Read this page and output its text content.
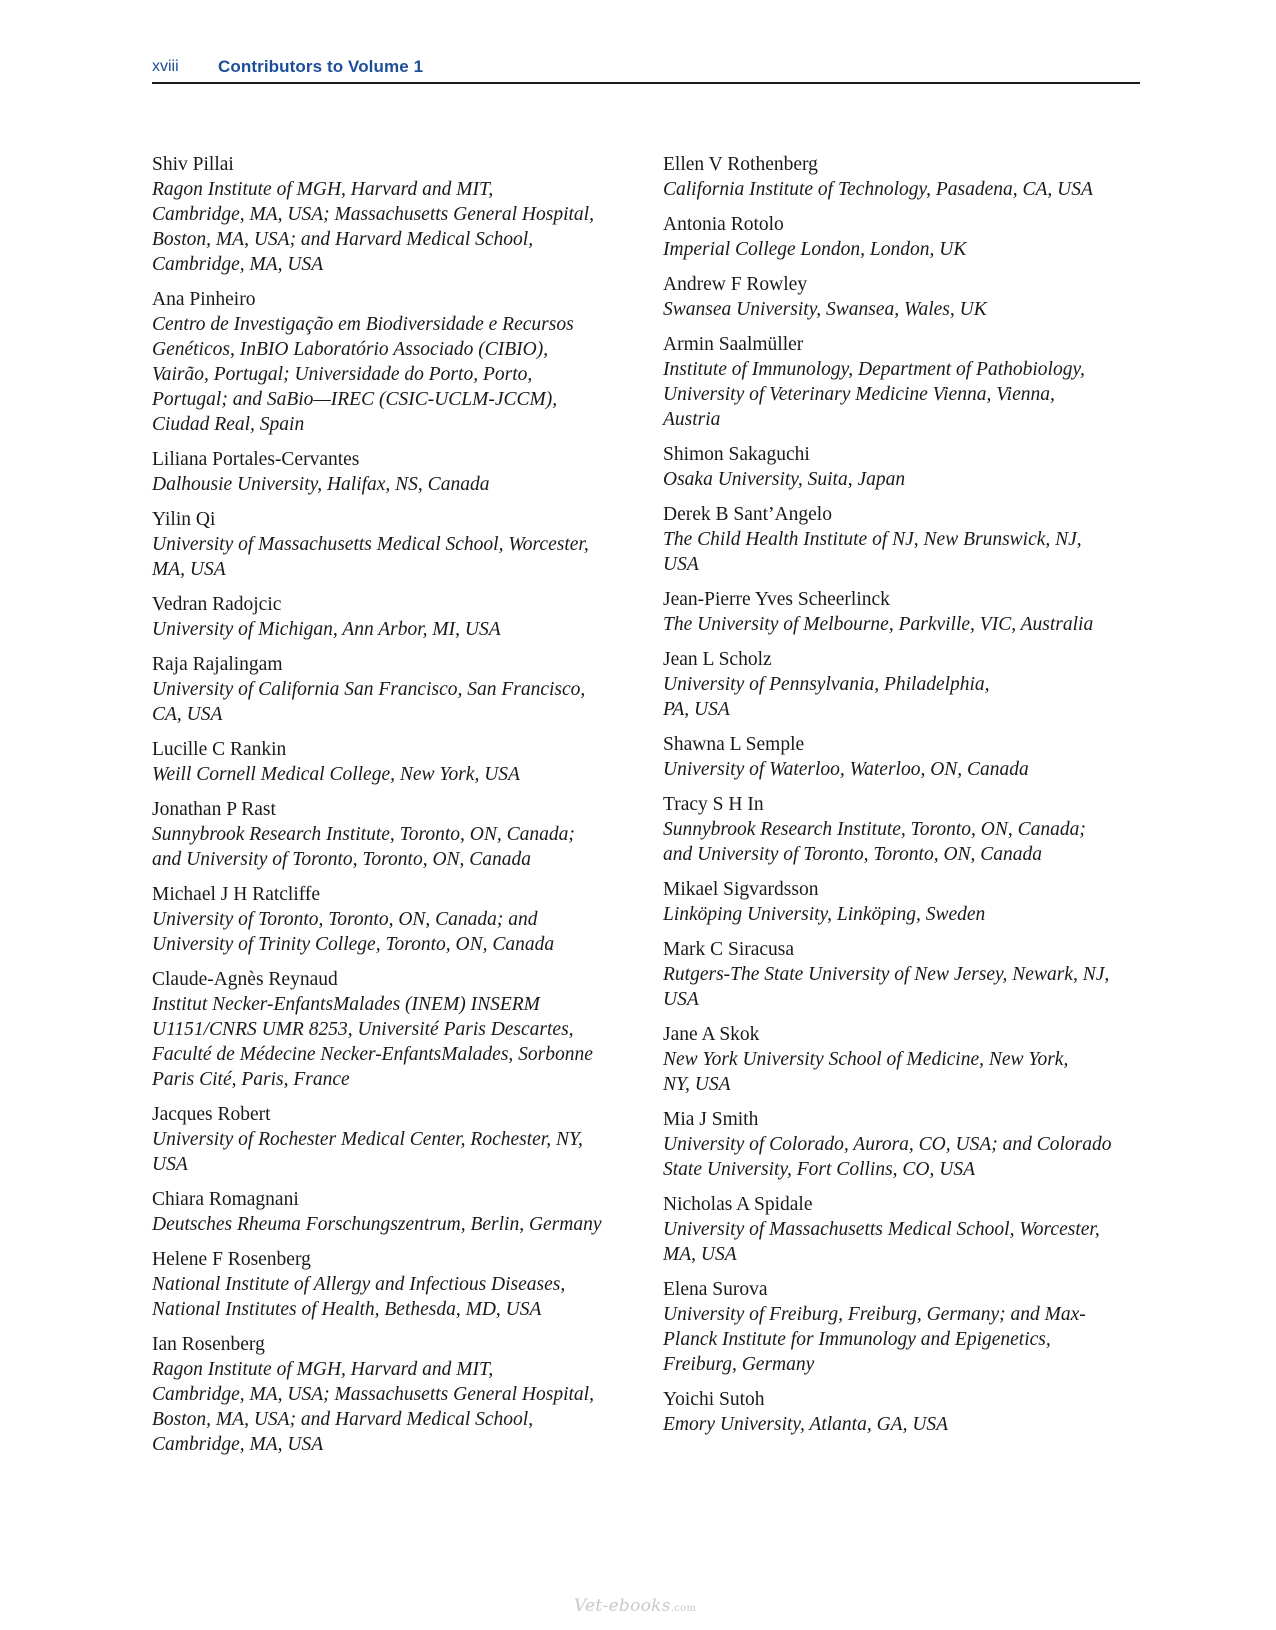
xviii Contributors to Volume 1
Shiv Pillai
Ragon Institute of MGH, Harvard and MIT,
Cambridge, MA, USA; Massachusetts General Hospital,
Boston, MA, USA; and Harvard Medical School,
Cambridge, MA, USA
Ana Pinheiro
Centro de Investigação em Biodiversidade e Recursos
Genéticos, InBIO Laboratório Associado (CIBIO),
Vairão, Portugal; Universidade do Porto, Porto,
Portugal; and SaBio—IREC (CSIC-UCLM-JCCM),
Ciudad Real, Spain
Liliana Portales-Cervantes
Dalhousie University, Halifax, NS, Canada
Yilin Qi
University of Massachusetts Medical School, Worcester,
MA, USA
Vedran Radojcic
University of Michigan, Ann Arbor, MI, USA
Raja Rajalingam
University of California San Francisco, San Francisco,
CA, USA
Lucille C Rankin
Weill Cornell Medical College, New York, USA
Jonathan P Rast
Sunnybrook Research Institute, Toronto, ON, Canada;
and University of Toronto, Toronto, ON, Canada
Michael J H Ratcliffe
University of Toronto, Toronto, ON, Canada; and
University of Trinity College, Toronto, ON, Canada
Claude-Agnès Reynaud
Institut Necker-EnfantsMalades (INEM) INSERM
U1151/CNRS UMR 8253, Université Paris Descartes,
Faculté de Médecine Necker-EnfantsMalades, Sorbonne
Paris Cité, Paris, France
Jacques Robert
University of Rochester Medical Center, Rochester, NY,
USA
Chiara Romagnani
Deutsches Rheuma Forschungszentrum, Berlin, Germany
Helene F Rosenberg
National Institute of Allergy and Infectious Diseases,
National Institutes of Health, Bethesda, MD, USA
Ian Rosenberg
Ragon Institute of MGH, Harvard and MIT,
Cambridge, MA, USA; Massachusetts General Hospital,
Boston, MA, USA; and Harvard Medical School,
Cambridge, MA, USA
Ellen V Rothenberg
California Institute of Technology, Pasadena, CA, USA
Antonia Rotolo
Imperial College London, London, UK
Andrew F Rowley
Swansea University, Swansea, Wales, UK
Armin Saalmüller
Institute of Immunology, Department of Pathobiology,
University of Veterinary Medicine Vienna, Vienna,
Austria
Shimon Sakaguchi
Osaka University, Suita, Japan
Derek B Sant’Angelo
The Child Health Institute of NJ, New Brunswick, NJ,
USA
Jean-Pierre Yves Scheerlinck
The University of Melbourne, Parkville, VIC, Australia
Jean L Scholz
University of Pennsylvania, Philadelphia,
PA, USA
Shawna L Semple
University of Waterloo, Waterloo, ON, Canada
Tracy S H In
Sunnybrook Research Institute, Toronto, ON, Canada;
and University of Toronto, Toronto, ON, Canada
Mikael Sigvardsson
Linköping University, Linköping, Sweden
Mark C Siracusa
Rutgers-The State University of New Jersey, Newark, NJ,
USA
Jane A Skok
New York University School of Medicine, New York,
NY, USA
Mia J Smith
University of Colorado, Aurora, CO, USA; and Colorado
State University, Fort Collins, CO, USA
Nicholas A Spidale
University of Massachusetts Medical School, Worcester,
MA, USA
Elena Surova
University of Freiburg, Freiburg, Germany; and Max-
Planck Institute for Immunology and Epigenetics,
Freiburg, Germany
Yoichi Sutoh
Emory University, Atlanta, GA, USA
Vet-ebooks.com
